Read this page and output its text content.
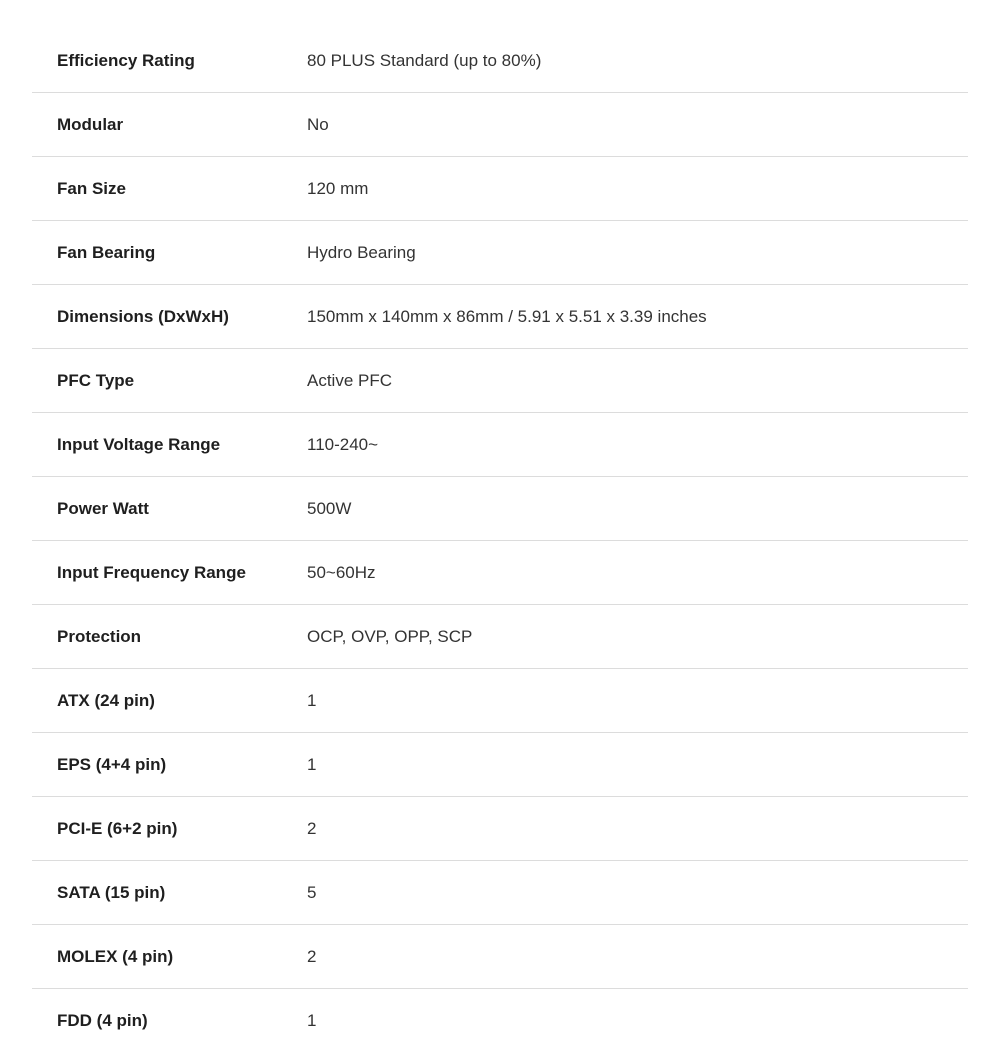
Efficiency Rating	80 PLUS Standard (up to 80%)
Modular	No
Fan Size	120 mm
Fan Bearing	Hydro Bearing
Dimensions (DxWxH)	150mm x 140mm x 86mm / 5.91 x 5.51 x 3.39 inches
PFC Type	Active PFC
Input Voltage Range	110-240~
Power Watt	500W
Input Frequency Range	50~60Hz
Protection	OCP, OVP, OPP, SCP
ATX (24 pin)	1
EPS (4+4 pin)	1
PCI-E (6+2 pin)	2
SATA (15 pin)	5
MOLEX (4 pin)	2
FDD (4 pin)	1
